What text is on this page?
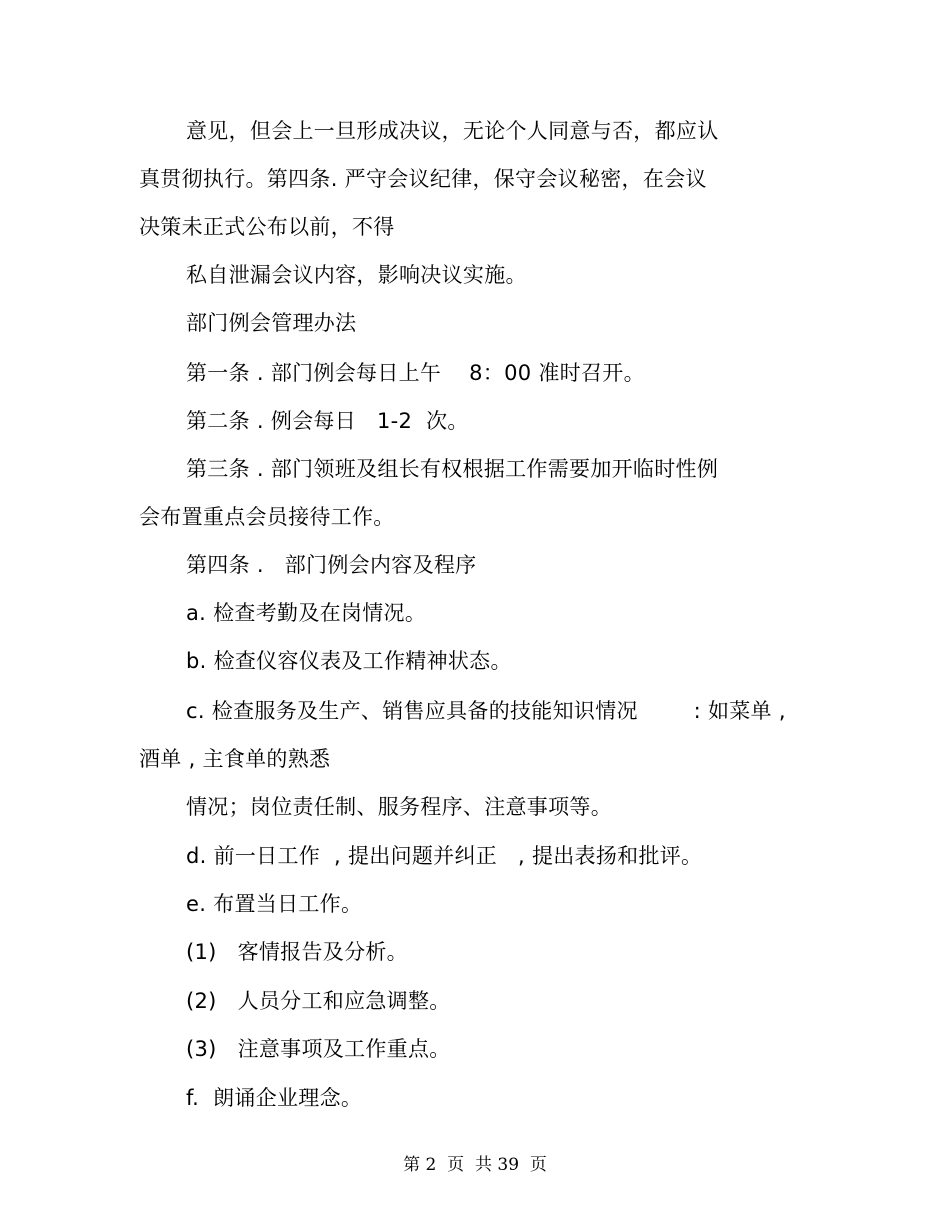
意见，但会上一旦形成决议，无论个人同意与否，都应认
真贯彻执行。第四条. 严守会议纪律，保守会议秘密，在会议
决策未正式公布以前，不得
私自泄漏会议内容，影响决议实施。
部门例会管理办法
第一条 . 部门例会每日上午    8：00 准时召开。
第二条 . 例会每日   1-2  次。
第三条 . 部门领班及组长有权根据工作需要加开临时性例
会布置重点会员接待工作。
第四条 .   部门例会内容及程序
a. 检查考勤及在岗情况。
b. 检查仪容仪表及工作精神状态。
c. 检查服务及生产、销售应具备的技能知识情况        : 如菜单 ,
酒单 , 主食单的熟悉
情况；岗位责任制、服务程序、注意事项等。
d. 前一日工作  , 提出问题并纠正   , 提出表扬和批评。
e. 布置当日工作。
(1)   客情报告及分析。
(2)   人员分工和应急调整。
(3)   注意事项及工作重点。
f.  朗诵企业理念。
第 2  页  共 39  页
